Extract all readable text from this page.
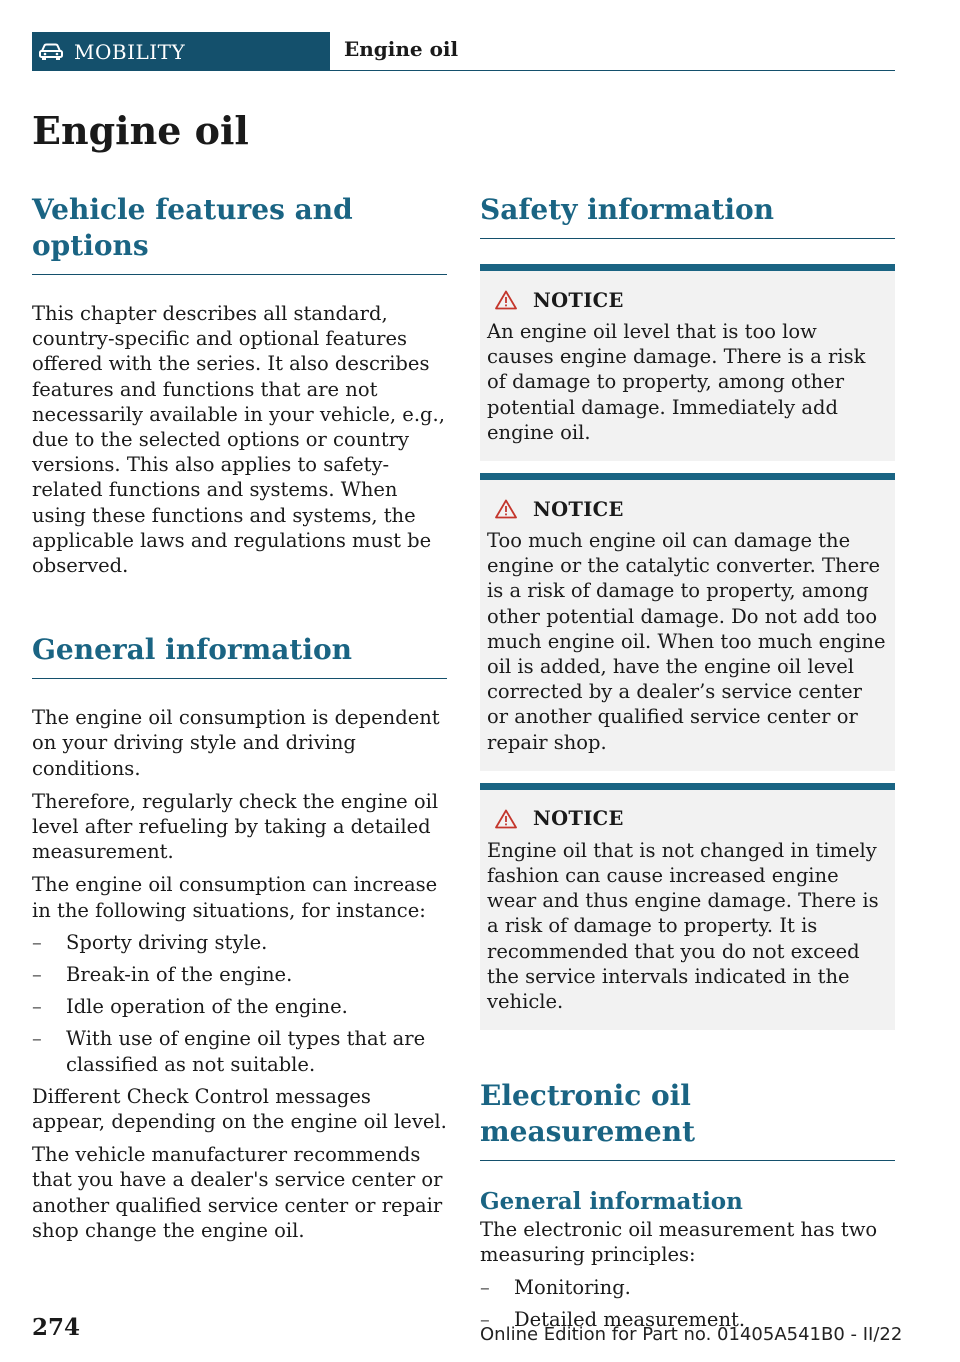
MOBILITY	Engine oil
Engine oil
Vehicle features and options

This chapter describes all standard, country-specific and optional features offered with the series. It also describes features and functions that are not necessarily available in your vehicle, e.g., due to the selected options or country versions. This also applies to safety-related functions and systems. When using these functions and systems, the applicable laws and regulations must be observed.

General information

The engine oil consumption is dependent on your driving style and driving conditions.

Therefore, regularly check the engine oil level after refueling by taking a detailed measurement.

The engine oil consumption can increase in the following situations, for instance:

– Sporty driving style.
– Break-in of the engine.
– Idle operation of the engine.
– With use of engine oil types that are classified as not suitable.

Different Check Control messages appear, depending on the engine oil level.

The vehicle manufacturer recommends that you have a dealer's service center or another qualified service center or repair shop change the engine oil.

Safety information
NOTICE

An engine oil level that is too low causes engine damage. There is a risk of damage to property, among other potential damage. Immediately add engine oil.

NOTICE

Too much engine oil can damage the engine or the catalytic converter. There is a risk of damage to property, among other potential damage. Do not add too much engine oil. When too much engine oil is added, have the engine oil level corrected by a dealer’s service center or another qualified service center or repair shop.

NOTICE

Engine oil that is not changed in timely fashion can cause increased engine wear and thus engine damage. There is a risk of damage to property. It is recommended that you do not exceed the service intervals indicated in the vehicle.

Electronic oil measurement
General information

The electronic oil measurement has two measuring principles:

– Monitoring.
– Detailed measurement.
274	Online Edition for Part no. 01405A541B0 - II/22
